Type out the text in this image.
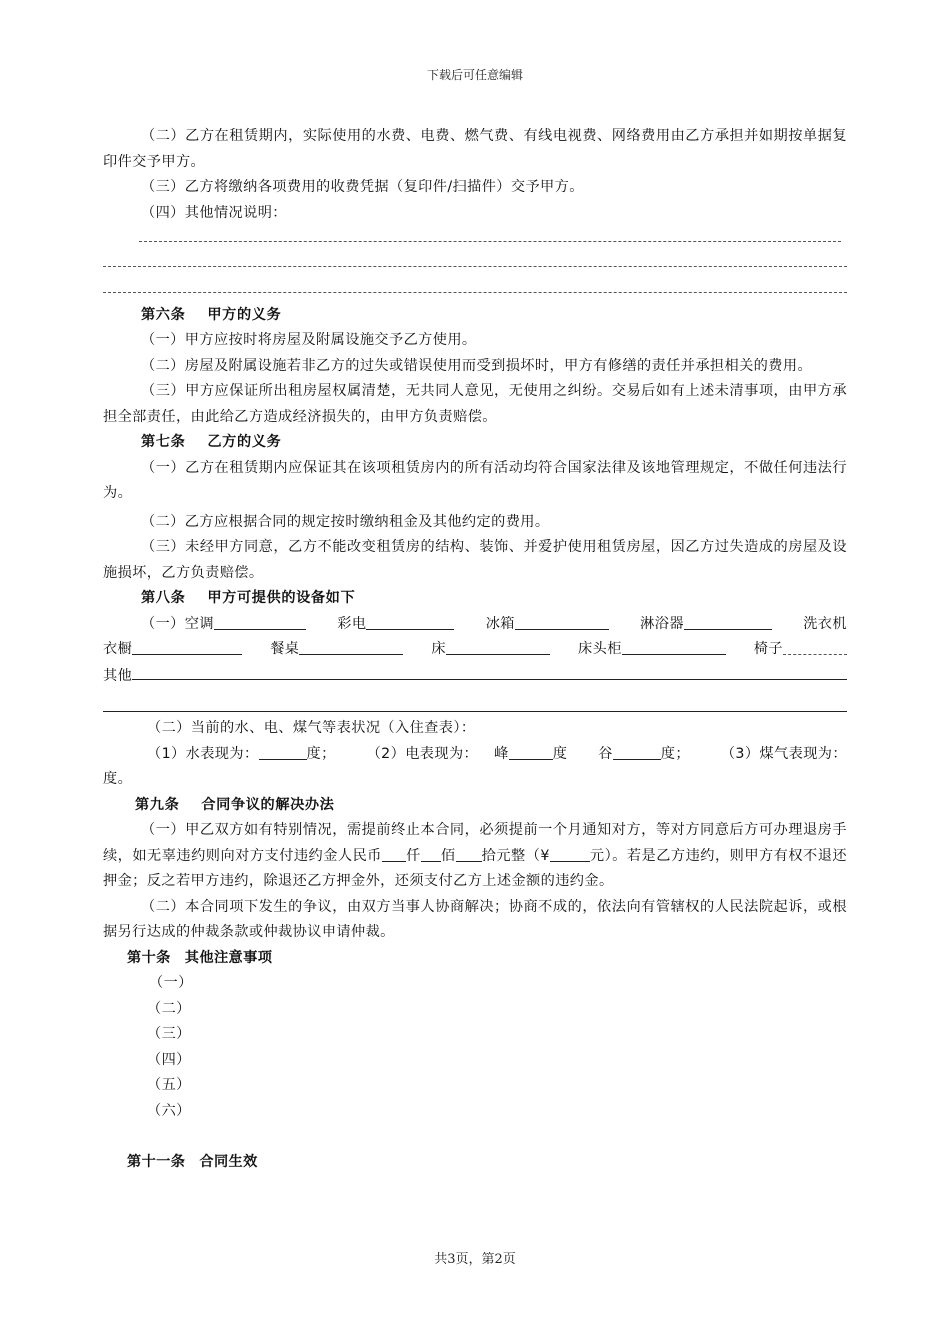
下载后可任意编辑

（二）乙方在租赁期内，实际使用的水费、电费、燃气费、有线电视费、网络费用由乙方承担并如期按单据复印件交予甲方。

（三）乙方将缴纳各项费用的收费凭据（复印件/扫描件）交予甲方。

（四）其他情况说明：

第六条 甲方的义务

（一）甲方应按时将房屋及附属设施交予乙方使用。

（二）房屋及附属设施若非乙方的过失或错误使用而受到损坏时，甲方有修缮的责任并承担相关的费用。

（三）甲方应保证所出租房屋权属清楚，无共同人意见，无使用之纠纷。交易后如有上述未清事项，由甲方承担全部责任，由此给乙方造成经济损失的，由甲方负责赔偿。

第七条 乙方的义务

（一）乙方在租赁期内应保证其在该项租赁房内的所有活动均符合国家法律及该地管理规定，不做任何违法行为。

（二）乙方应根据合同的规定按时缴纳租金及其他约定的费用。

（三）未经甲方同意，乙方不能改变租赁房的结构、装饰、并爱护使用租赁房屋，因乙方过失造成的房屋及设施损坏，乙方负责赔偿。

第八条 甲方可提供的设备如下

（一）空调	彩电	冰箱	淋浴器	洗衣机
衣橱	餐桌	床	床头柜	椅子
其他

（二）当前的水、电、煤气等表状况（入住查表）：

（1）水表现为：	度； （2）电表现为： 峰	度 谷	度； （3）煤气表现为：

度。

第九条 合同争议的解决办法

（一）甲乙双方如有特别情况，需提前终止本合同，必须提前一个月通知对方，等对方同意后方可办理退房手续，如无辜违约则向对方支付违约金人民币 仟 佰 拾元整（¥	元）。若是乙方违约，则甲方有权不退还押金；反之若甲方违约，除退还乙方押金外，还须支付乙方上述金额的违约金。

（二）本合同项下发生的争议，由双方当事人协商解决；协商不成的，依法向有管辖权的人民法院起诉，或根据另行达成的仲裁条款或仲裁协议申请仲裁。

第十条 其他注意事项

（一）

（二）

（三）

（四）

（五）

（六）

第十一条 合同生效

共3页，第2页
